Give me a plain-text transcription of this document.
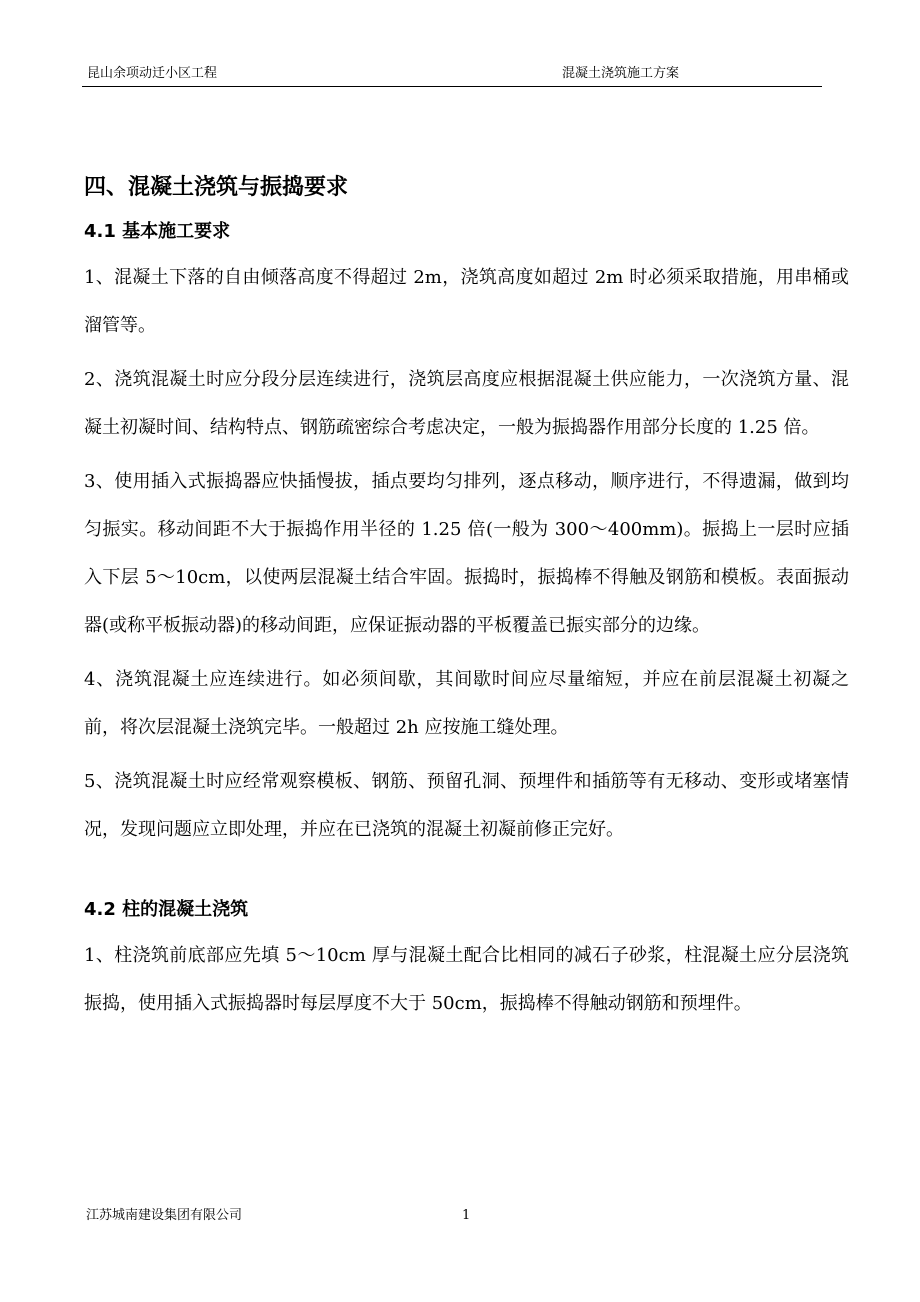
昆山余项动迁小区工程	混凝土浇筑施工方案
四、混凝土浇筑与振捣要求
4.1 基本施工要求

1、混凝土下落的自由倾落高度不得超过 2m，浇筑高度如超过 2m 时必须采取措施，用串桶或溜管等。

2、浇筑混凝土时应分段分层连续进行，浇筑层高度应根据混凝土供应能力，一次浇筑方量、混凝土初凝时间、结构特点、钢筋疏密综合考虑决定，一般为振捣器作用部分长度的 1.25 倍。

3、使用插入式振捣器应快插慢拔，插点要均匀排列，逐点移动，顺序进行，不得遗漏，做到均匀振实。移动间距不大于振捣作用半径的 1.25 倍(一般为 300～400mm)。振捣上一层时应插入下层 5～10cm，以使两层混凝土结合牢固。振捣时，振捣棒不得触及钢筋和模板。表面振动器(或称平板振动器)的移动间距，应保证振动器的平板覆盖已振实部分的边缘。

4、浇筑混凝土应连续进行。如必须间歇，其间歇时间应尽量缩短，并应在前层混凝土初凝之前，将次层混凝土浇筑完毕。一般超过 2h 应按施工缝处理。

5、浇筑混凝土时应经常观察模板、钢筋、预留孔洞、预埋件和插筋等有无移动、变形或堵塞情况，发现问题应立即处理，并应在已浇筑的混凝土初凝前修正完好。

4.2 柱的混凝土浇筑

1、柱浇筑前底部应先填 5～10cm 厚与混凝土配合比相同的减石子砂浆，柱混凝土应分层浇筑振捣，使用插入式振捣器时每层厚度不大于 50cm，振捣棒不得触动钢筋和预埋件。

江苏城南建设集团有限公司	1
